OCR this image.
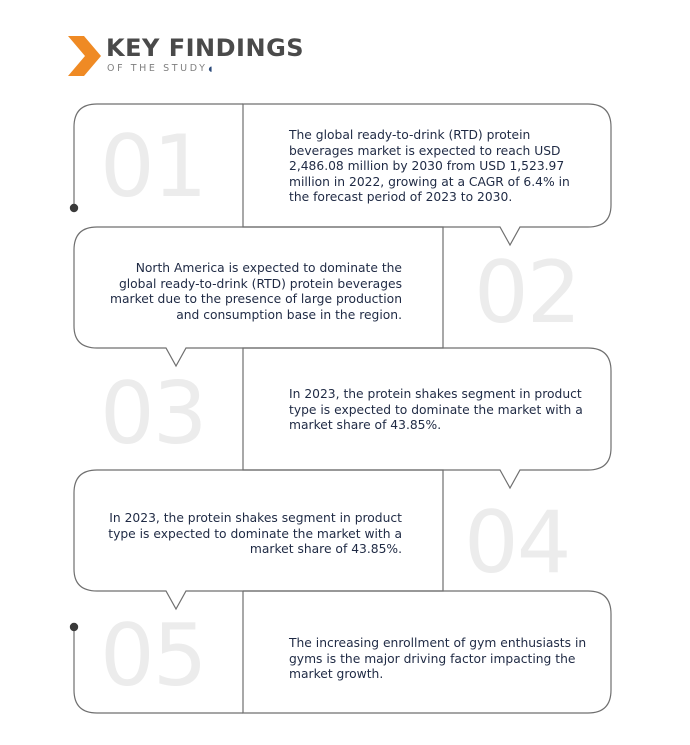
KEY FINDINGS
OF THE STUDY◖
01	The global ready-to-drink (RTD) protein beverages market is expected to reach USD 2,486.08 million by 2030 from USD 1,523.97 million in 2022, growing at a CAGR of 6.4% in the forecast period of 2023 to 2030.
02
North America is expected to dominate the global ready-to-drink (RTD) protein beverages market due to the presence of large production and consumption base in the region.
03	In 2023, the protein shakes segment in product type is expected to dominate the market with a market share of 43.85%.
04
In 2023, the protein shakes segment in product type is expected to dominate the market with a market share of 43.85%.
05	The increasing enrollment of gym enthusiasts in gyms is the major driving factor impacting the market growth.
